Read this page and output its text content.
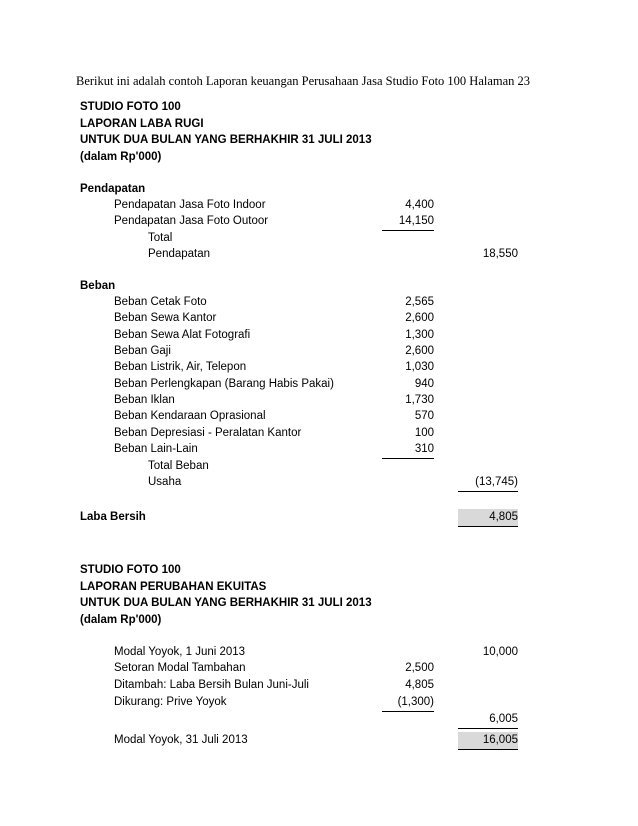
Berikut ini adalah contoh Laporan keuangan Perusahaan Jasa Studio Foto 100 Halaman 23
STUDIO FOTO 100
LAPORAN LABA RUGI
UNTUK DUA BULAN YANG BERHAKHIR 31 JULI 2013
(dalam Rp'000)
Pendapatan
Pendapatan Jasa Foto Indoor	4,400
Pendapatan Jasa Foto Outoor	14,150
Total
Pendapatan	18,550
Beban
Beban Cetak Foto	2,565
Beban Sewa Kantor	2,600
Beban Sewa Alat Fotografi	1,300
Beban Gaji	2,600
Beban Listrik, Air, Telepon	1,030
Beban Perlengkapan (Barang Habis Pakai)	940
Beban Iklan	1,730
Beban Kendaraan Oprasional	570
Beban Depresiasi - Peralatan Kantor	100
Beban Lain-Lain	310
Total Beban
Usaha	(13,745)
Laba Bersih	4,805
STUDIO FOTO 100
LAPORAN PERUBAHAN EKUITAS
UNTUK DUA BULAN YANG BERHAKHIR 31 JULI 2013
(dalam Rp'000)
Modal Yoyok, 1 Juni 2013	10,000
Setoran Modal Tambahan	2,500
Ditambah: Laba Bersih Bulan Juni-Juli	4,805
Dikurang: Prive Yoyok	(1,300)
6,005
Modal Yoyok, 31 Juli 2013	16,005
